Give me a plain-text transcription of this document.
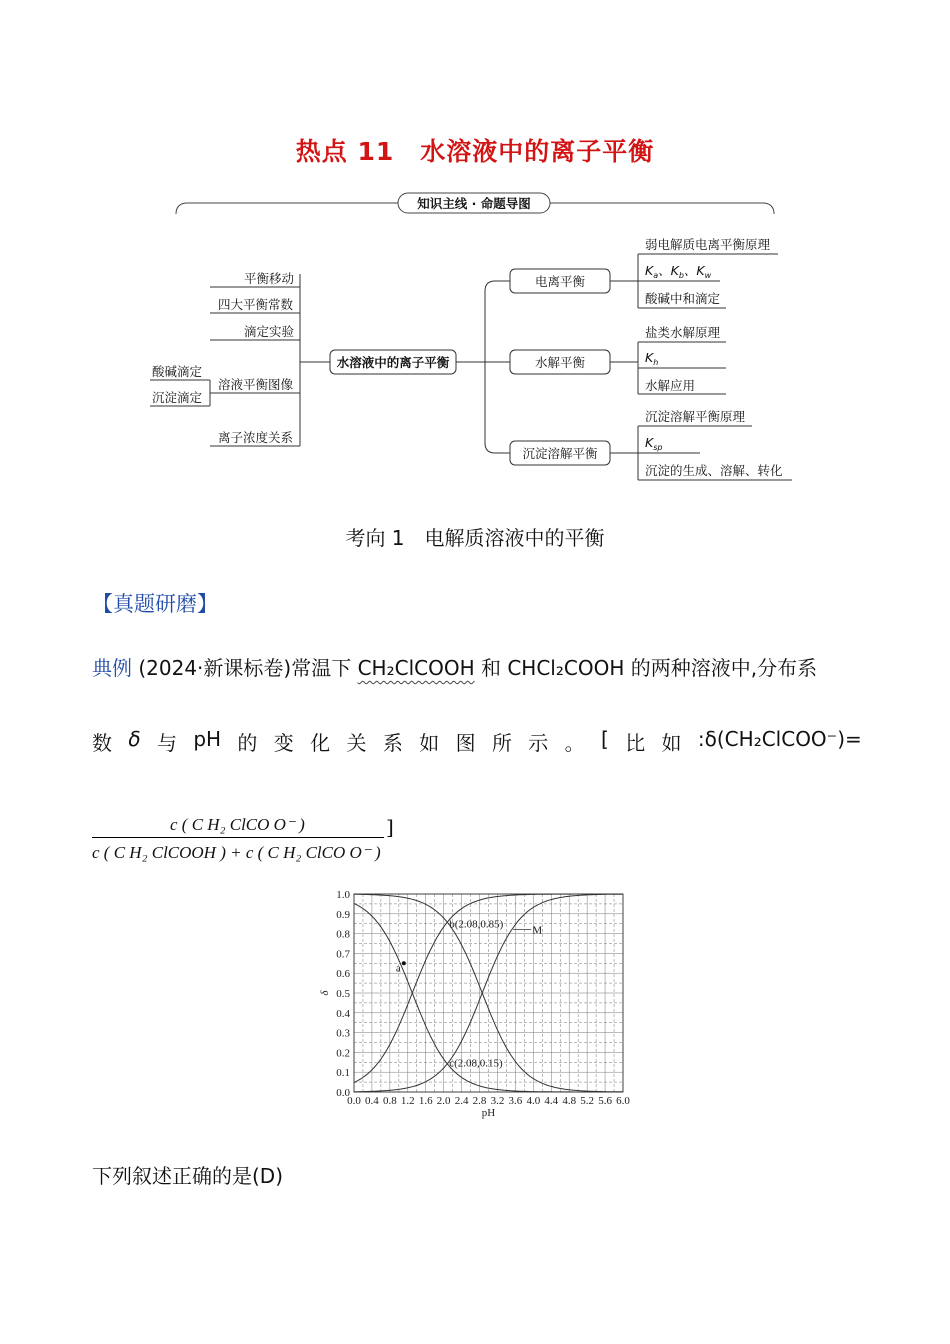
热点 11　水溶液中的离子平衡
知识主线 · 命题导图
平衡移动
四大平衡常数
滴定实验
溶液平衡图像
离子浓度关系
酸碱滴定
沉淀滴定
水溶液中的离子平衡
电离平衡
水解平衡
沉淀溶解平衡
弱电解质电离平衡原理
$K_a$、$K_b$、$K_w$
酸碱中和滴定
盐类水解原理
$K_h$
水解应用
沉淀溶解平衡原理
$K_{sp}$
沉淀的生成、溶解、转化
考向 1　电解质溶液中的平衡
【真题研磨】
典例 (2024·新课标卷)常温下 CH₂ClCOOH 和 CHCl₂COOH 的两种溶液中,分布系
数 δ 与 pH 的 变 化 关 系 如 图 所 示 。 [ 比 如 :δ(CH₂ClCOO⁻)=
c ( C H₂ ClCO O⁻ )	]
c ( C H₂ ClCOOH ) + c ( C H₂ ClCO O⁻ )
0.0 0.4 0.8 1.2 1.6 2.0 2.4 2.8 3.2 3.6 4.0 4.4 4.8 5.2 5.6 6.0
0.0
0.1
0.2
0.3
0.4
0.5
0.6
0.7
0.8
0.9
1.0
pH
δ
b(2.08,0.85)
c(2.08,0.15)
a
M
下列叙述正确的是(D)
